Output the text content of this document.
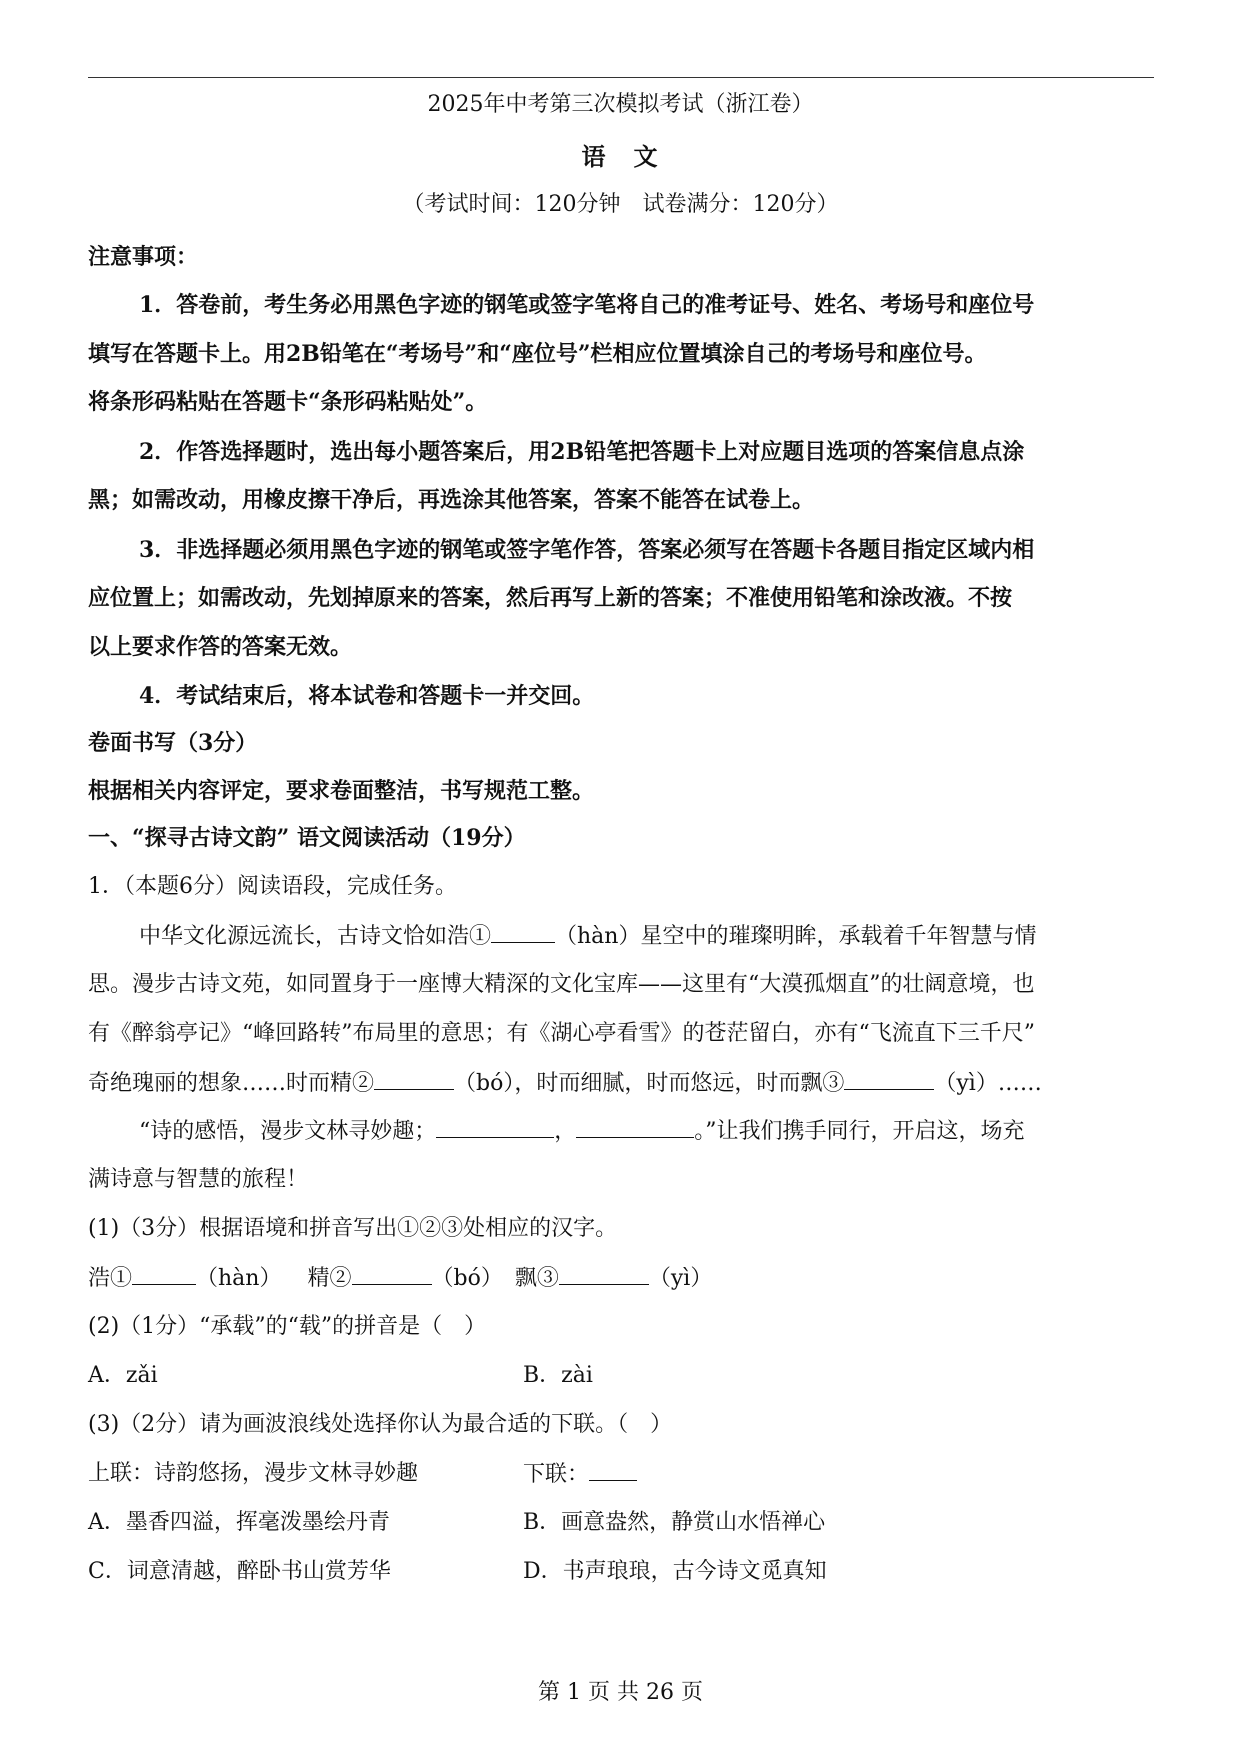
2025年中考第三次模拟考试（浙江卷）
语　文
（考试时间：120分钟　试卷满分：120分）
注意事项：
1．答卷前，考生务必用黑色字迹的钢笔或签字笔将自己的准考证号、姓名、考场号和座位号
填写在答题卡上。用2B铅笔在“考场号”和“座位号”栏相应位置填涂自己的考场号和座位号。
将条形码粘贴在答题卡“条形码粘贴处”。
2．作答选择题时，选出每小题答案后，用2B铅笔把答题卡上对应题目选项的答案信息点涂
黑；如需改动，用橡皮擦干净后，再选涂其他答案，答案不能答在试卷上。
3．非选择题必须用黑色字迹的钢笔或签字笔作答，答案必须写在答题卡各题目指定区域内相
应位置上；如需改动，先划掉原来的答案，然后再写上新的答案；不准使用铅笔和涂改液。不按
以上要求作答的答案无效。
4．考试结束后，将本试卷和答题卡一并交回。
卷面书写（3分）
根据相关内容评定，要求卷面整洁，书写规范工整。
一、“探寻古诗文韵” 语文阅读活动（19分）
1．（本题6分）阅读语段，完成任务。
中华文化源远流长，古诗文恰如浩①	（hàn）星空中的璀璨明眸，承载着千年智慧与情
思。漫步古诗文苑，如同置身于一座博大精深的文化宝库——这里有“大漠孤烟直”的壮阔意境，也
有《醉翁亭记》“峰回路转”布局里的意思；有《湖心亭看雪》的苍茫留白，亦有“飞流直下三千尺”
奇绝瑰丽的想象……时而精②	（bó），时而细腻，时而悠远，时而飘③	（yì）……
“诗的感悟，漫步文林寻妙趣；	，	。”让我们携手同行，开启这，场充
满诗意与智慧的旅程！
(1)（3分）根据语境和拼音写出①②③处相应的汉字。
浩①	（hàn） 精②	（bó） 飘③	（yì）
(2)（1分）“承载”的“载”的拼音是（　）
A．zǎi	B．zài
(3)（2分）请为画波浪线处选择你认为最合适的下联。（　）
上联：诗韵悠扬，漫步文林寻妙趣	下联：
A．墨香四溢，挥毫泼墨绘丹青	B．画意盎然，静赏山水悟禅心
C．词意清越，醉卧书山赏芳华	D．书声琅琅，古今诗文觅真知
第 1 页 共 26 页
